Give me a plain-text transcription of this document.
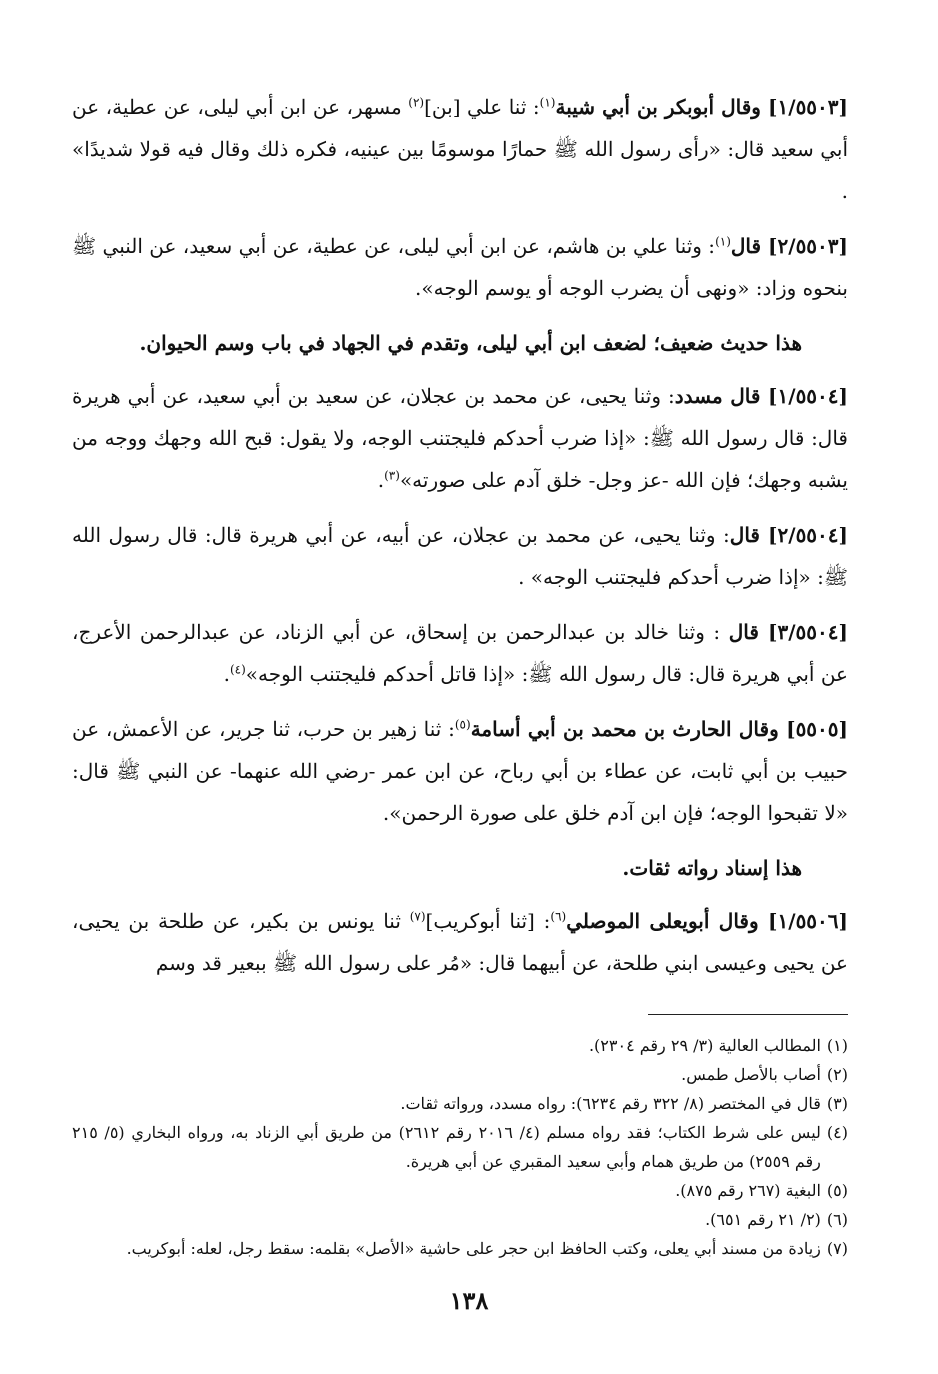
[١/٥٥٠٣] وقال أبوبكر بن أبي شيبة$^{(١)}$: ثنا علي [بن]$^{(٢)}$ مسهر، عن ابن أبي ليلى، عن عطية، عن أبي سعيد قال: «رأى رسول الله ﷺ حمارًا موسومًا بين عينيه، فكره ذلك وقال فيه قولا شديدًا» .

[٢/٥٥٠٣] قال$^{(١)}$: وثنا علي بن هاشم، عن ابن أبي ليلى، عن عطية، عن أبي سعيد، عن النبي ﷺ بنحوه وزاد: «ونهى أن يضرب الوجه أو يوسم الوجه».

هذا حديث ضعيف؛ لضعف ابن أبي ليلى، وتقدم في الجهاد في باب وسم الحيوان.

[١/٥٥٠٤] قال مسدد: وثنا يحيى، عن محمد بن عجلان، عن سعيد بن أبي سعيد، عن أبي هريرة قال: قال رسول الله ﷺ: «إذا ضرب أحدكم فليجتنب الوجه، ولا يقول: قبح الله وجهك ووجه من يشبه وجهك؛ فإن الله -عز وجل- خلق آدم على صورته»$^{(٣)}$.

[٢/٥٥٠٤] قال: وثنا يحيى، عن محمد بن عجلان، عن أبيه، عن أبي هريرة قال: قال رسول الله ﷺ: «إذا ضرب أحدكم فليجتنب الوجه» .

[٣/٥٥٠٤] قال : وثنا خالد بن عبدالرحمن بن إسحاق، عن أبي الزناد، عن عبدالرحمن الأعرج، عن أبي هريرة قال: قال رسول الله ﷺ: «إذا قاتل أحدكم فليجتنب الوجه»$^{(٤)}$.

[٥٥٠٥] وقال الحارث بن محمد بن أبي أسامة$^{(٥)}$: ثنا زهير بن حرب، ثنا جرير، عن الأعمش، عن حبيب بن أبي ثابت، عن عطاء بن أبي رباح، عن ابن عمر -رضي الله عنهما- عن النبي ﷺ قال: «لا تقبحوا الوجه؛ فإن ابن آدم خلق على صورة الرحمن».

هذا إسناد رواته ثقات.

[١/٥٥٠٦] وقال أبويعلى الموصلي$^{(٦)}$: [ثنا أبوكريب]$^{(٧)}$ ثنا يونس بن بكير، عن طلحة بن يحيى، عن يحيى وعيسى ابني طلحة، عن أبيهما قال: «مُر على رسول الله ﷺ ببعير قد وسم

(١)
المطالب العالية (٣/ ٢٩ رقم ٢٣٠٤).
(٢)
أصاب بالأصل طمس.
(٣)
قال في المختصر (٨/ ٣٢٢ رقم ٦٢٣٤): رواه مسدد، ورواته ثقات.
(٤)
ليس على شرط الكتاب؛ فقد رواه مسلم (٤/ ٢٠١٦ رقم ٢٦١٢) من طريق أبي الزناد به، ورواه البخاري (٥/ ٢١٥ رقم ٢٥٥٩) من طريق همام وأبي سعيد المقبري عن أبي هريرة.
(٥)
البغية (٢٦٧ رقم ٨٧٥).
(٦)
(٢/ ٢١ رقم ٦٥١).
(٧)
زيادة من مسند أبي يعلى، وكتب الحافظ ابن حجر على حاشية «الأصل» بقلمه: سقط رجل، لعله: أبوكريب.
١٣٨
